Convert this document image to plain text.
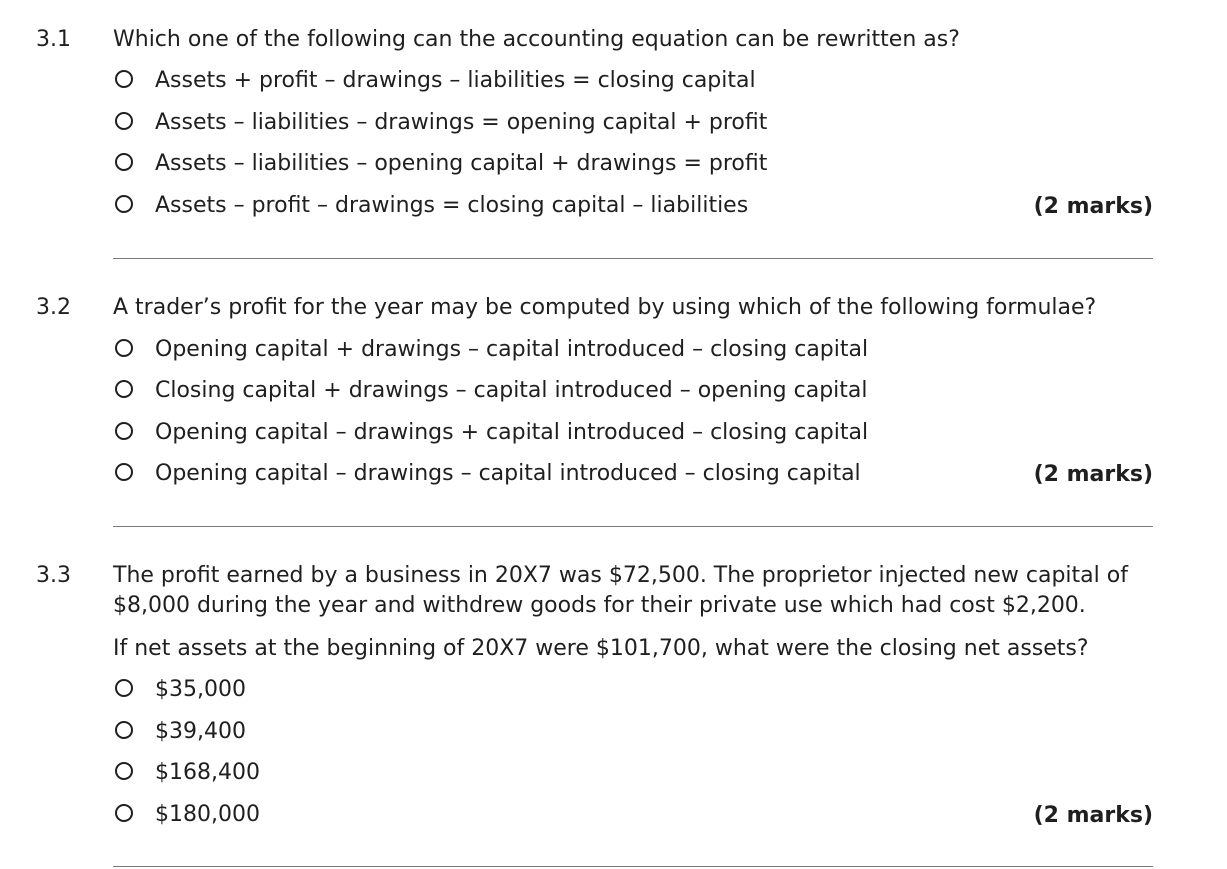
3.1 Which one of the following can the accounting equation can be rewritten as?

Assets + profit – drawings – liabilities = closing capital
Assets – liabilities – drawings = opening capital + profit
Assets – liabilities – opening capital + drawings = profit
Assets – profit – drawings = closing capital – liabilities	(2 marks)
3.2 A trader’s profit for the year may be computed by using which of the following formulae?

Opening capital + drawings – capital introduced – closing capital
Closing capital + drawings – capital introduced – opening capital
Opening capital – drawings + capital introduced – closing capital
Opening capital – drawings – capital introduced – closing capital	(2 marks)
3.3 The profit earned by a business in 20X7 was $72,500. The proprietor injected new capital of $8,000 during the year and withdrew goods for their private use which had cost $2,200.

If net assets at the beginning of 20X7 were $101,700, what were the closing net assets?

$35,000
$39,400
$168,400
$180,000	(2 marks)
